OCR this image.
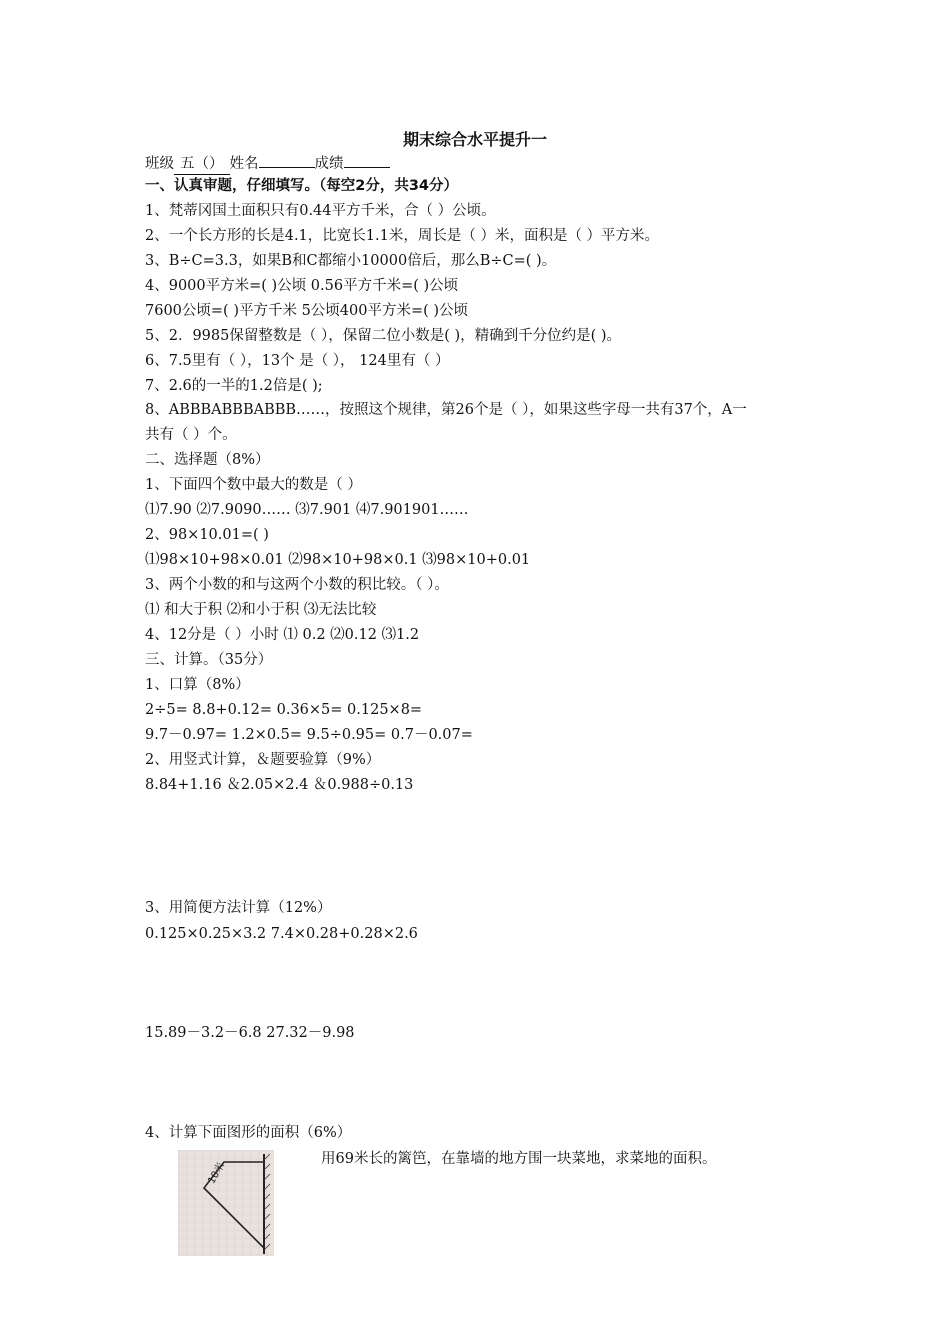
期末综合水平提升一
班级 五（） 姓名	成绩
一、认真审题，仔细填写。（每空2分，共34分）
1、梵蒂冈国土面积只有0.44平方千米，合（ ）公顷。
2、一个长方形的长是4.1，比宽长1.1米，周长是（ ）米，面积是（ ）平方米。
3、B÷C=3.3，如果B和C都缩小10000倍后，那么B÷C=( )。
4、9000平方米=( )公顷 0.56平方千米=( )公顷
7600公顷=( )平方千米 5公顷400平方米=( )公顷
5、2．9985保留整数是（ ），保留二位小数是( )，精确到千分位约是( )。
6、7.5里有（ ），13个 是（ ）， 124里有（ ）
7、2.6的一半的1.2倍是( );
8、ABBBABBBABBB……，按照这个规律，第26个是（ ），如果这些字母一共有37个，A一
共有（ ）个。
二、选择题（8%）
1、下面四个数中最大的数是（ ）
⑴7.90 ⑵7.9090…… ⑶7.901 ⑷7.901901……
2、98×10.01=( )
⑴98×10+98×0.01 ⑵98×10+98×0.1 ⑶98×10+0.01
3、两个小数的和与这两个小数的积比较。（ ）。
⑴ 和大于积 ⑵和小于积 ⑶无法比较
4、12分是（ ）小时 ⑴ 0.2 ⑵0.12 ⑶1.2
三、计算。（35分）
1、口算（8%）
2÷5= 8.8+0.12= 0.36×5= 0.125×8=
9.7－0.97= 1.2×0.5= 9.5÷0.95= 0.7－0.07=
2、用竖式计算，＆题要验算（9%）
8.84+1.16 ＆2.05×2.4 ＆0.988÷0.13
3、用简便方法计算（12%）
0.125×0.25×3.2 7.4×0.28+0.28×2.6
15.89－3.2－6.8 27.32－9.98
4、计算下面图形的面积（6%）
用69米长的篱笆，在靠墙的地方围一块菜地，求菜地的面积。
10米
